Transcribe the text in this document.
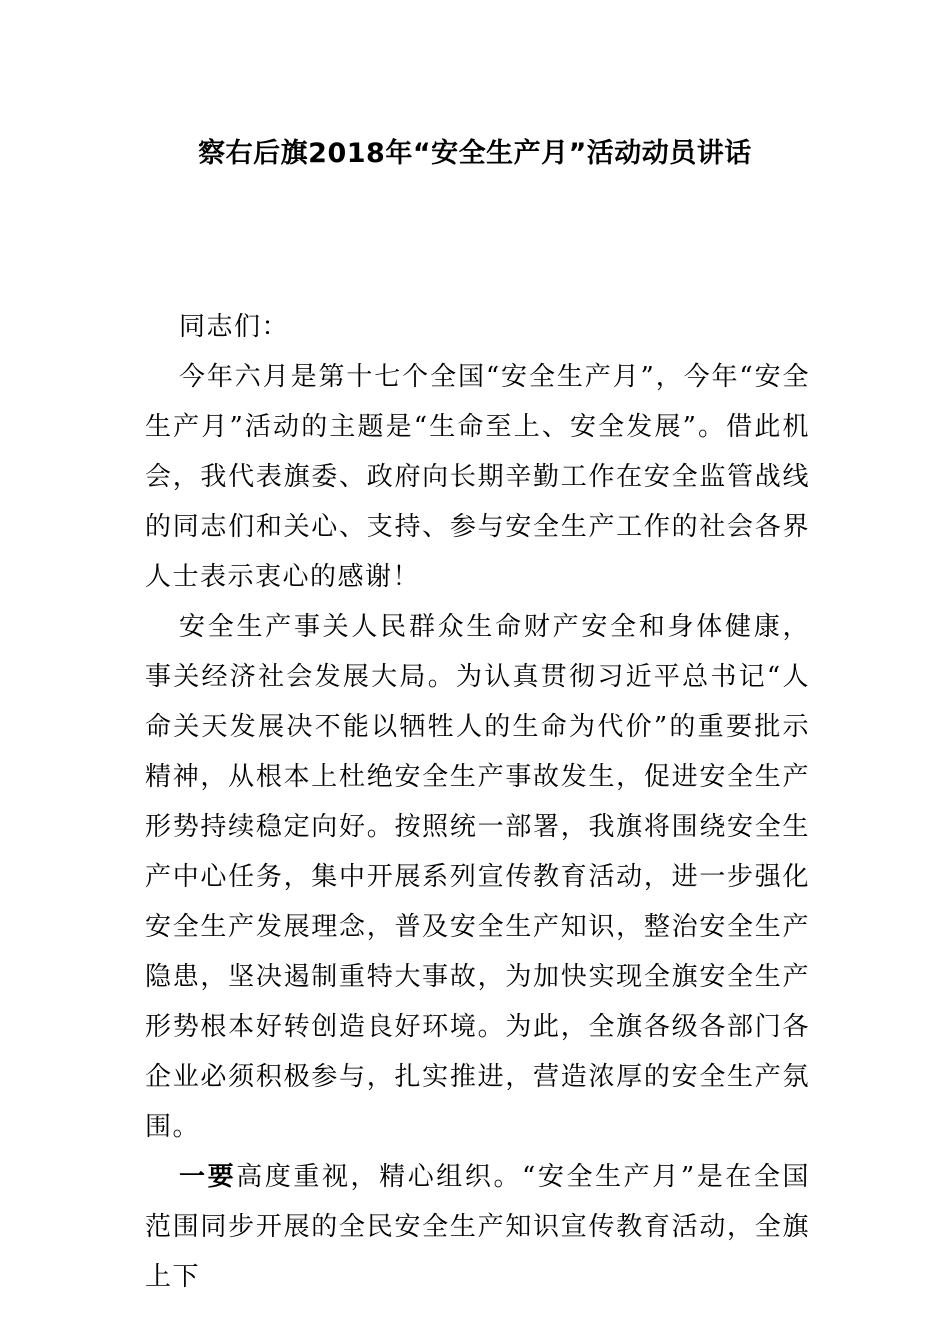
察右后旗2018年“安全生产月”活动动员讲话

同志们：

今年六月是第十七个全国“安全生产月”，今年“安全生产月”活动的主题是“生命至上、安全发展”。借此机会，我代表旗委、政府向长期辛勤工作在安全监管战线的同志们和关心、支持、参与安全生产工作的社会各界人士表示衷心的感谢！

安全生产事关人民群众生命财产安全和身体健康，事关经济社会发展大局。为认真贯彻习近平总书记“人命关天发展决不能以牺牲人的生命为代价”的重要批示精神，从根本上杜绝安全生产事故发生，促进安全生产形势持续稳定向好。按照统一部署，我旗将围绕安全生产中心任务，集中开展系列宣传教育活动，进一步强化安全生产发展理念，普及安全生产知识，整治安全生产隐患，坚决遏制重特大事故，为加快实现全旗安全生产形势根本好转创造良好环境。为此，全旗各级各部门各企业必须积极参与，扎实推进，营造浓厚的安全生产氛围。

一要高度重视，精心组织。“安全生产月”是在全国范围同步开展的全民安全生产知识宣传教育活动，全旗上下
